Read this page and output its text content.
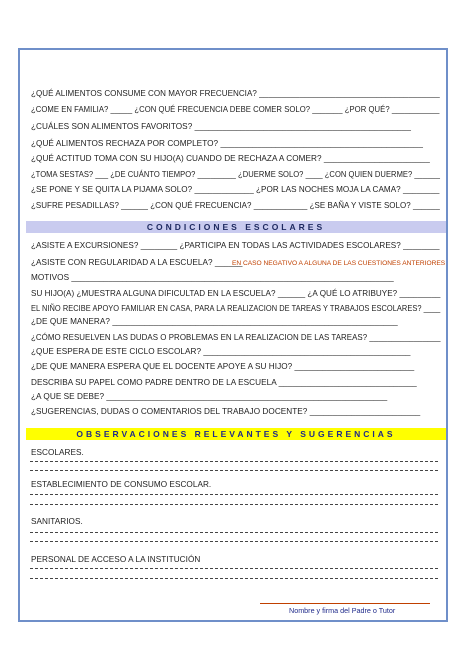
¿QUÉ ALIMENTOS CONSUME CON MAYOR FRECUENCIA? ________________________________________
¿COME EN FAMILIA? _____ ¿CON QUÉ FRECUENCIA DEBE COMER SOLO? _______ ¿POR QUÉ? ___________
¿CUÁLES SON ALIMENTOS FAVORITOS? _______________________________________________
¿QUÉ ALIMENTOS RECHAZA POR COMPLETO? ____________________________________________
¿QUÉ ACTITUD TOMA CON SU HIJO(A) CUANDO DE RECHAZA A COMER? _______________________
¿TOMA SESTAS? ___ ¿DE CUÁNTO TIEMPO? _________ ¿DUERME SOLO? ____ ¿CON QUIEN DUERME? ______
¿SE PONE Y SE QUITA LA PIJAMA SOLO? _____________ ¿POR LAS NOCHES MOJA LA CAMA? ________
¿SUFRE PESADILLAS? ______ ¿CON QUÉ FRECUENCIA? ____________ ¿SE BAÑA Y VISTE SOLO? ______
CONDICIONES ESCOLARES
¿ASISTE A EXCURSIONES? ________ ¿PARTICIPA EN TODAS LAS ACTIVIDADES ESCOLARES? ________
¿ASISTE CON REGULARIDAD A LA ESCUELA? ______
EN CASO NEGATIVO A ALGUNA DE LAS CUESTIONES ANTERIORES
MOTIVOS ______________________________________________________________________
SU HIJO(A) ¿MUESTRA ALGUNA DIFICULTAD EN LA ESCUELA? ______ ¿A QUÉ LO ATRIBUYE? _________
EL NIÑO RECIBE APOYO FAMILIAR EN CASA, PARA LA REALIZACION DE TAREAS Y TRABAJOS ESCOLARES? ____
¿DE QUE MANERA? ______________________________________________________________
¿CÓMO RESUELVEN LAS DUDAS O PROBLEMAS EN LA REALIZACION DE LAS TAREAS? ________________
¿QUE ESPERA DE ESTE CICLO ESCOLAR? _____________________________________________
¿DE QUE MANERA ESPERA QUE EL DOCENTE APOYE A SU HIJO? __________________________
DESCRIBA SU PAPEL COMO PADRE DENTRO DE LA ESCUELA ______________________________
¿A QUE SE DEBE? _____________________________________________________________
¿SUGERENCIAS, DUDAS O COMENTARIOS DEL TRABAJO DOCENTE? ________________________
OBSERVACIONES RELEVANTES Y SUGERENCIAS
ESCOLARES.
ESTABLECIMIENTO DE CONSUMO ESCOLAR.
SANITARIOS.
PERSONAL DE ACCESO A LA INSTITUCIÓN
Nombre y firma del Padre o Tutor
